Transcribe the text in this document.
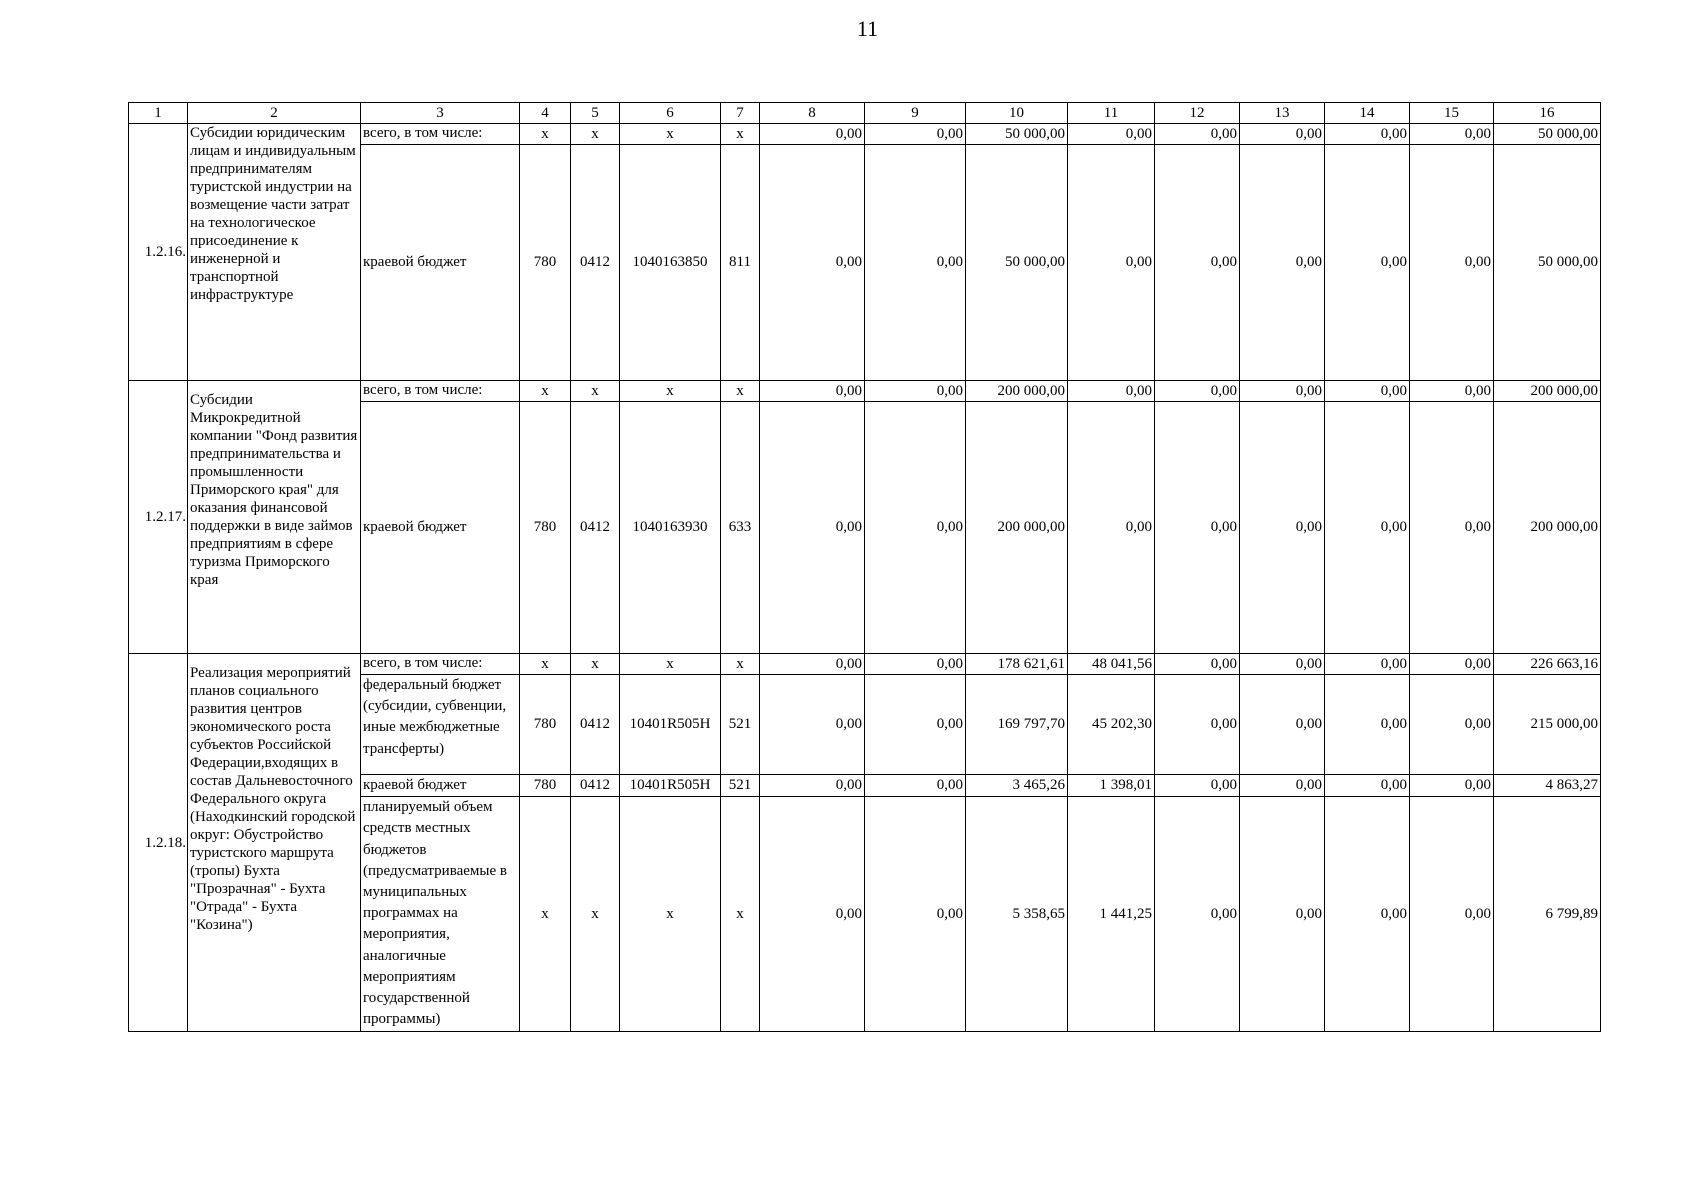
11
1	2	3	4	5	6	7	8	9	10	11	12	13	14	15	16
1.2.16.	Субсидии юридическим лицам и индивидуальным предпринимателям туристской индустрии на возмещение части затрат на технологическое присоединение к инженерной и транспортной инфраструктуре	всего, в том числе:	x	x	x	x	0,00	0,00	50 000,00	0,00	0,00	0,00	0,00	0,00	50 000,00
		краевой бюджет	780	0412	1040163850	811	0,00	0,00	50 000,00	0,00	0,00	0,00	0,00	0,00	50 000,00
1.2.17.	Субсидии Микрокредитной компании "Фонд развития предпринимательства и промышленности Приморского края" для оказания финансовой поддержки в виде займов предприятиям в сфере туризма Приморского края	всего, в том числе:	x	x	x	x	0,00	0,00	200 000,00	0,00	0,00	0,00	0,00	0,00	200 000,00
		краевой бюджет	780	0412	1040163930	633	0,00	0,00	200 000,00	0,00	0,00	0,00	0,00	0,00	200 000,00
1.2.18.	Реализация мероприятий планов социального развития центров экономического роста субъектов Российской Федерации,входящих в состав Дальневосточного Федерального округа (Находкинский городской округ: Обустройство туристского маршрута (тропы) Бухта "Прозрачная" - Бухта "Отрада" - Бухта "Козина")	всего, в том числе:	x	x	x	x	0,00	0,00	178 621,61	48 041,56	0,00	0,00	0,00	0,00	226 663,16
		федеральный бюджет (субсидии, субвенции, иные межбюджетные трансферты)	780	0412	10401R505H	521	0,00	0,00	169 797,70	45 202,30	0,00	0,00	0,00	0,00	215 000,00
		краевой бюджет	780	0412	10401R505H	521	0,00	0,00	3 465,26	1 398,01	0,00	0,00	0,00	0,00	4 863,27
		планируемый объем средств местных бюджетов (предусматриваемые в муниципальных программах на мероприятия, аналогичные мероприятиям государственной программы)	x	x	x	x	0,00	0,00	5 358,65	1 441,25	0,00	0,00	0,00	0,00	6 799,89
